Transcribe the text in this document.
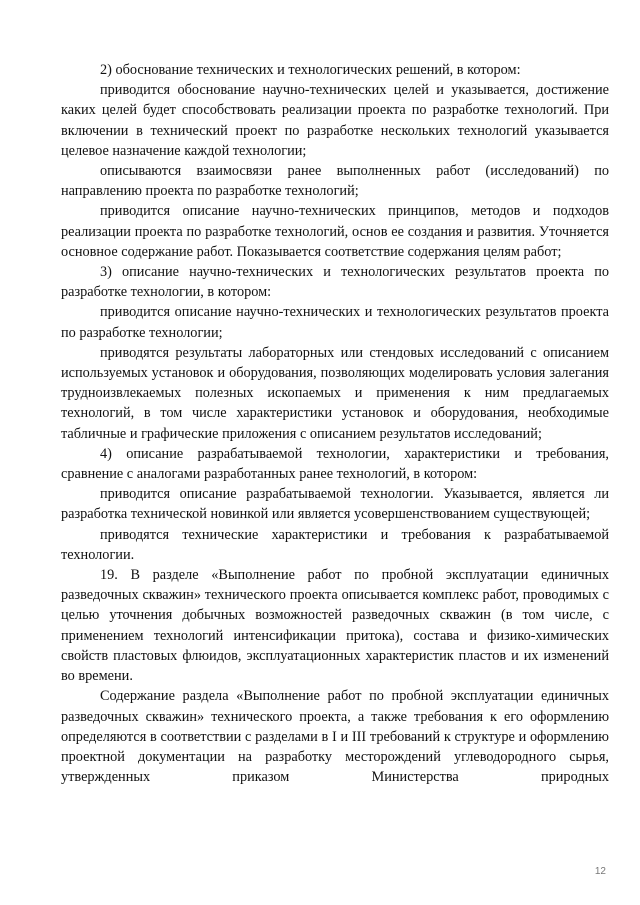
2) обоснование технических и технологических решений, в котором:

приводится обоснование научно-технических целей и указывается, достижение каких целей будет способствовать реализации проекта по разработке технологий. При включении в технический проект по разработке нескольких технологий указывается целевое назначение каждой технологии;

описываются взаимосвязи ранее выполненных работ (исследований) по направлению проекта по разработке технологий;

приводится описание научно-технических принципов, методов и подходов реализации проекта по разработке технологий, основ ее создания и развития. Уточняется основное содержание работ. Показывается соответствие содержания целям работ;

3) описание научно-технических и технологических результатов проекта по разработке технологии, в котором:

приводится описание научно-технических и технологических результатов проекта по разработке технологии;

приводятся результаты лабораторных или стендовых исследований с описанием используемых установок и оборудования, позволяющих моделировать условия залегания трудноизвлекаемых полезных ископаемых и применения к ним предлагаемых технологий, в том числе характеристики установок и оборудования, необходимые табличные и графические приложения с описанием результатов исследований;

4) описание разрабатываемой технологии, характеристики и требования, сравнение с аналогами разработанных ранее технологий, в котором:

приводится описание разрабатываемой технологии. Указывается, является ли разработка технической новинкой или является усовершенствованием существующей;

приводятся технические характеристики и требования к разрабатываемой технологии.

19. В разделе «Выполнение работ по пробной эксплуатации единичных разведочных скважин» технического проекта описывается комплекс работ, проводимых с целью уточнения добычных возможностей разведочных скважин (в том числе, с применением технологий интенсификации притока), состава и физико-химических свойств пластовых флюидов, эксплуатационных характеристик пластов и их изменений во времени.

Содержание раздела «Выполнение работ по пробной эксплуатации единичных разведочных скважин» технического проекта, а также требования к его оформлению определяются в соответствии с разделами в I и III требований к структуре и оформлению проектной документации на разработку месторождений углеводородного сырья, утвержденных приказом Министерства природных

12
